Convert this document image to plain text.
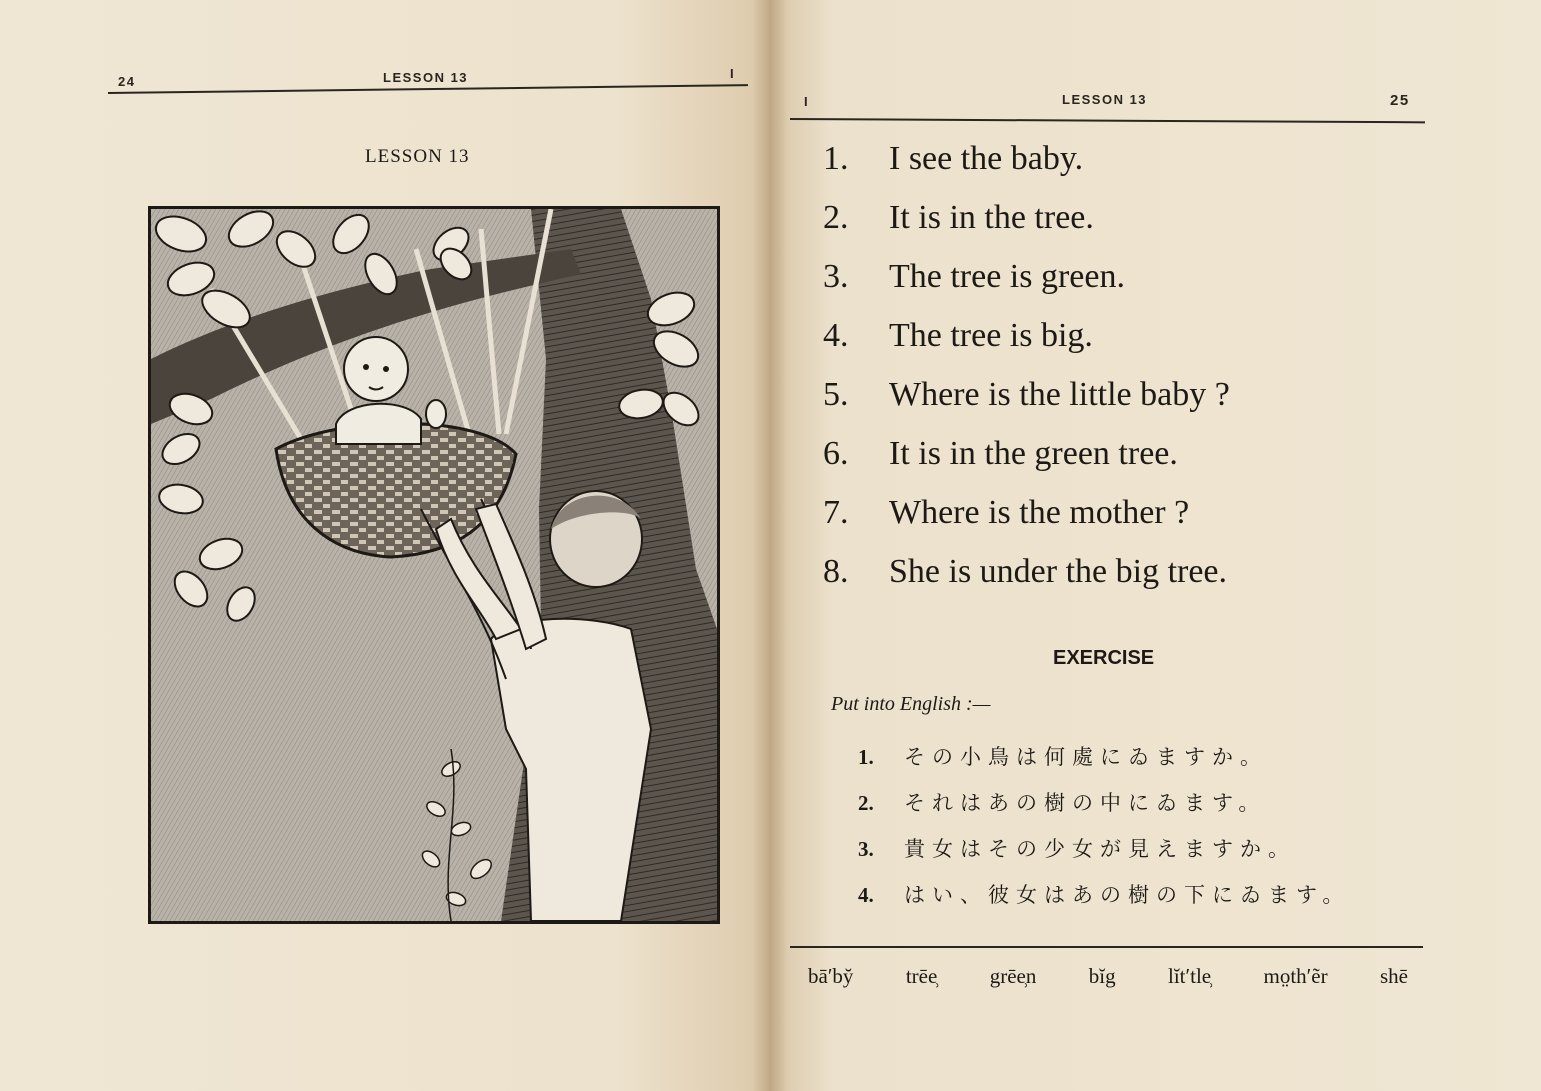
24	LESSON 13	I
LESSON 13
I	LESSON 13	25
1. I see the baby.
2. It is in the tree.
3. The tree is green.
4. The tree is big.
5. Where is the little baby ?
6. It is in the green tree.
7. Where is the mother ?
8. She is under the big tree.
EXERCISE
Put into English :—
1. その小鳥は何處にゐますか。
2. それはあの樹の中にゐます。
3. 貴女はその少女が見えますか。
4. はい、彼女はあの樹の下にゐます。
bā′by̆ trēe̹ grēe̹n bĭg lĭt′tle̹ mo̤th′ẽr shē
